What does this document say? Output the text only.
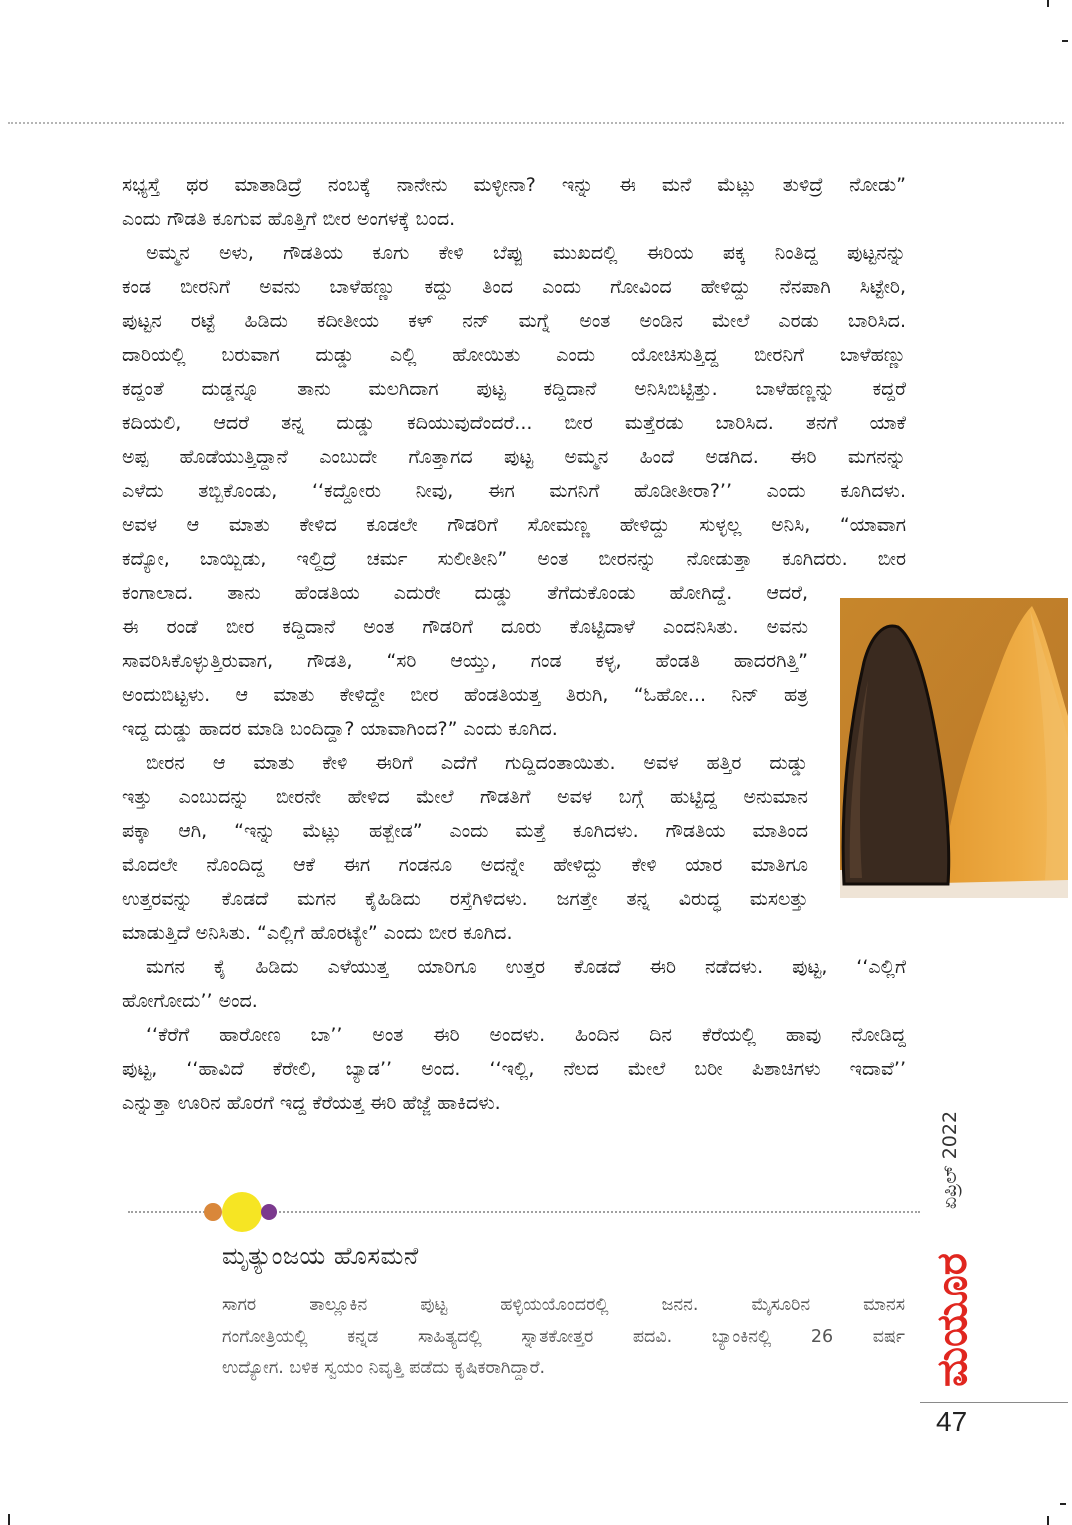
ಸಭ್ಯಸ್ತೆ ಥರ ಮಾತಾಡಿದ್ರೆ ನಂಬಕ್ಕೆ ನಾನೇನು ಮಳ್ಳೀನಾ? ಇನ್ನು ಈ ಮನೆ ಮೆಟ್ಲು ತುಳಿದ್ರೆ ನೋಡು”
ಎಂದು ಗೌಡತಿ ಕೂಗುವ ಹೊತ್ತಿಗೆ ಬೀರ ಅಂಗಳಕ್ಕೆ ಬಂದ.
ಅಮ್ಮನ ಅಳು, ಗೌಡತಿಯ ಕೂಗು ಕೇಳಿ ಬೆಪ್ಪು ಮುಖದಲ್ಲಿ ಈರಿಯ ಪಕ್ಕ ನಿಂತಿದ್ದ ಪುಟ್ಟನನ್ನು
ಕಂಡ ಬೀರನಿಗೆ ಅವನು ಬಾಳೆಹಣ್ಣು ಕದ್ದು ತಿಂದ ಎಂದು ಗೋವಿಂದ ಹೇಳಿದ್ದು ನೆನಪಾಗಿ ಸಿಟ್ಟೇರಿ,
ಪುಟ್ಟನ ರಟ್ಟೆ ಹಿಡಿದು ಕದೀತೀಯ ಕಳ್ ನನ್ ಮಗ್ನೆ ಅಂತ ಅಂಡಿನ ಮೇಲೆ ಎರಡು ಬಾರಿಸಿದ.
ದಾರಿಯಲ್ಲಿ ಬರುವಾಗ ದುಡ್ಡು ಎಲ್ಲಿ ಹೋಯಿತು ಎಂದು ಯೋಚಿಸುತ್ತಿದ್ದ ಬೀರನಿಗೆ ಬಾಳೆಹಣ್ಣು
ಕದ್ದಂತೆ ದುಡ್ಡನ್ನೂ ತಾನು ಮಲಗಿದಾಗ ಪುಟ್ಟ ಕದ್ದಿದಾನೆ ಅನಿಸಿಬಿಟ್ಟಿತ್ತು. ಬಾಳೆಹಣ್ಣನ್ನು ಕದ್ದರೆ
ಕದಿಯಲಿ, ಆದರೆ ತನ್ನ ದುಡ್ಡು ಕದಿಯುವುದೆಂದರೆ... ಬೀರ ಮತ್ತೆರಡು ಬಾರಿಸಿದ. ತನಗೆ ಯಾಕೆ
ಅಪ್ಪ ಹೊಡೆಯುತ್ತಿದ್ದಾನೆ ಎಂಬುದೇ ಗೊತ್ತಾಗದ ಪುಟ್ಟ ಅಮ್ಮನ ಹಿಂದೆ ಅಡಗಿದ. ಈರಿ ಮಗನನ್ನು
ಎಳೆದು ತಬ್ಬಿಕೊಂಡು, ‘‘ಕದ್ದೋರು ನೀವು, ಈಗ ಮಗನಿಗೆ ಹೊಡೀತೀರಾ?’’ ಎಂದು ಕೂಗಿದಳು.
ಅವಳ ಆ ಮಾತು ಕೇಳಿದ ಕೂಡಲೇ ಗೌಡರಿಗೆ ಸೋಮಣ್ಣ ಹೇಳಿದ್ದು ಸುಳ್ಳಲ್ಲ ಅನಿಸಿ, “ಯಾವಾಗ
ಕದ್ಯೋ, ಬಾಯ್ಬಿಡು, ಇಲ್ದಿದ್ರೆ ಚರ್ಮ ಸುಲೀತೀನಿ” ಅಂತ ಬೀರನನ್ನು ನೋಡುತ್ತಾ ಕೂಗಿದರು. ಬೀರ
ಕಂಗಾಲಾದ. ತಾನು ಹೆಂಡತಿಯ ಎದುರೇ ದುಡ್ಡು ತೆಗೆದುಕೊಂಡು ಹೋಗಿದ್ದೆ. ಆದರೆ,
ಈ ರಂಡೆ ಬೀರ ಕದ್ದಿದಾನೆ ಅಂತ ಗೌಡರಿಗೆ ದೂರು ಕೊಟ್ಟಿದಾಳೆ ಎಂದನಿಸಿತು. ಅವನು
ಸಾವರಿಸಿಕೊಳ್ಳುತ್ತಿರುವಾಗ, ಗೌಡತಿ, “ಸರಿ ಆಯ್ತು, ಗಂಡ ಕಳ್ಳ, ಹೆಂಡತಿ ಹಾದರಗಿತ್ತಿ”
ಅಂದುಬಿಟ್ಟಳು. ಆ ಮಾತು ಕೇಳಿದ್ದೇ ಬೀರ ಹೆಂಡತಿಯತ್ತ ತಿರುಗಿ, “ಓಹೋ... ನಿನ್ ಹತ್ರ
ಇದ್ದ ದುಡ್ಡು ಹಾದರ ಮಾಡಿ ಬಂದಿದ್ದಾ? ಯಾವಾಗಿಂದ?” ಎಂದು ಕೂಗಿದ.
ಬೀರನ ಆ ಮಾತು ಕೇಳಿ ಈರಿಗೆ ಎದೆಗೆ ಗುದ್ದಿದಂತಾಯಿತು. ಅವಳ ಹತ್ತಿರ ದುಡ್ಡು
ಇತ್ತು ಎಂಬುದನ್ನು ಬೀರನೇ ಹೇಳಿದ ಮೇಲೆ ಗೌಡತಿಗೆ ಅವಳ ಬಗ್ಗೆ ಹುಟ್ಟಿದ್ದ ಅನುಮಾನ
ಪಕ್ಕಾ ಆಗಿ, “ಇನ್ನು ಮೆಟ್ಲು ಹತ್ಬೇಡ” ಎಂದು ಮತ್ತೆ ಕೂಗಿದಳು. ಗೌಡತಿಯ ಮಾತಿಂದ
ಮೊದಲೇ ನೊಂದಿದ್ದ ಆಕೆ ಈಗ ಗಂಡನೂ ಅದನ್ನೇ ಹೇಳಿದ್ದು ಕೇಳಿ ಯಾರ ಮಾತಿಗೂ
ಉತ್ತರವನ್ನು ಕೊಡದೆ ಮಗನ ಕೈಹಿಡಿದು ರಸ್ತೆಗಿಳಿದಳು. ಜಗತ್ತೇ ತನ್ನ ವಿರುದ್ಧ ಮಸಲತ್ತು
ಮಾಡುತ್ತಿದೆ ಅನಿಸಿತು. “ಎಲ್ಲಿಗೆ ಹೊರಟ್ಯೇ” ಎಂದು ಬೀರ ಕೂಗಿದ.
ಮಗನ ಕೈ ಹಿಡಿದು ಎಳೆಯುತ್ತ ಯಾರಿಗೂ ಉತ್ತರ ಕೊಡದೆ ಈರಿ ನಡೆದಳು. ಪುಟ್ಟ, ‘‘ಎಲ್ಲಿಗೆ
ಹೋಗೋದು’’ ಅಂದ.
‘‘ಕೆರೆಗೆ ಹಾರೋಣ ಬಾ’’ ಅಂತ ಈರಿ ಅಂದಳು. ಹಿಂದಿನ ದಿನ ಕೆರೆಯಲ್ಲಿ ಹಾವು ನೋಡಿದ್ದ
ಪುಟ್ಟ, ‘‘ಹಾವಿದೆ ಕೆರೇಲಿ, ಬ್ಯಾಡ’’ ಅಂದ. ‘‘ಇಲ್ಲಿ, ನೆಲದ ಮೇಲೆ ಬರೀ ಪಿಶಾಚಿಗಳು ಇದಾವೆ’’
ಎನ್ನುತ್ತಾ ಊರಿನ ಹೊರಗೆ ಇದ್ದ ಕೆರೆಯತ್ತ ಈರಿ ಹೆಜ್ಜೆ ಹಾಕಿದಳು.
ಮೃತ್ಯುಂಜಯ ಹೊಸಮನೆ
ಸಾಗರ ತಾಲ್ಲೂಕಿನ ಪುಟ್ಟ ಹಳ್ಳಿಯಯೊಂದರಲ್ಲಿ ಜನನ. ಮೈಸೂರಿನ ಮಾನಸ
ಗಂಗೋತ್ರಿಯಲ್ಲಿ ಕನ್ನಡ ಸಾಹಿತ್ಯದಲ್ಲಿ ಸ್ನಾತಕೋತ್ತರ ಪದವಿ. ಬ್ಯಾಂಕಿನಲ್ಲಿ 26 ವರ್ಷ
ಉದ್ಯೋಗ. ಬಳಿಕ ಸ್ವಯಂ ನಿವೃತ್ತಿ ಪಡೆದು ಕೃಷಿಕರಾಗಿದ್ದಾರೆ.
ಏಪ್ರಿಲ್ 2022
ಮಯೂರ
47
